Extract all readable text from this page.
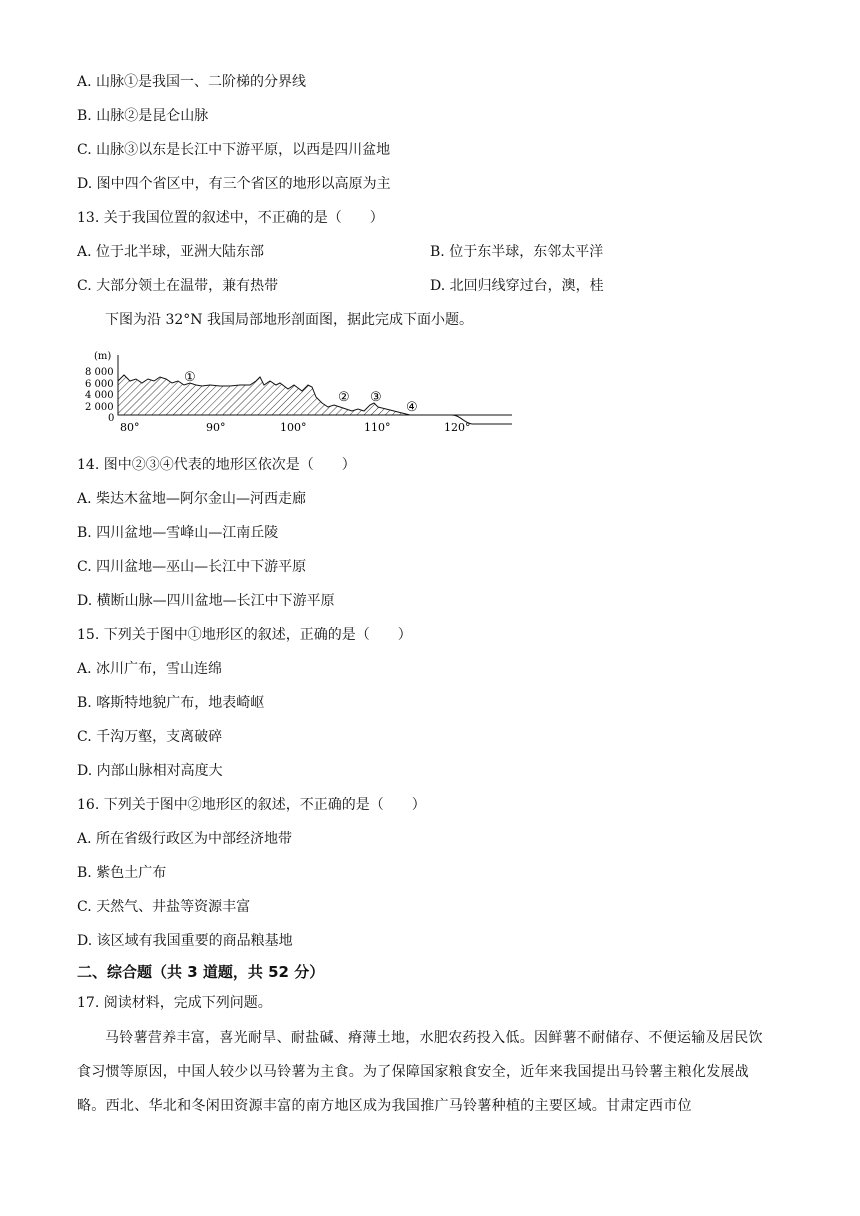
A. 山脉①是我国一、二阶梯的分界线
B. 山脉②是昆仑山脉
C. 山脉③以东是长江中下游平原，以西是四川盆地
D. 图中四个省区中，有三个省区的地形以高原为主
13. 关于我国位置的叙述中，不正确的是（　　）
A. 位于北半球，亚洲大陆东部	B. 位于东半球，东邻太平洋
C. 大部分领土在温带，兼有热带	D. 北回归线穿过台，澳，桂
下图为沿 32°N 我国局部地形剖面图，据此完成下面小题。
(m)
8 000
6 000
4 000
2 000
0
①
② ③
④
80°	90°	100°	110°	120°
14. 图中②③④代表的地形区依次是（　　）
A. 柴达木盆地—阿尔金山—河西走廊
B. 四川盆地—雪峰山—江南丘陵
C. 四川盆地—巫山—长江中下游平原
D. 横断山脉—四川盆地—长江中下游平原
15. 下列关于图中①地形区的叙述，正确的是（　　）
A. 冰川广布，雪山连绵
B. 喀斯特地貌广布，地表崎岖
C. 千沟万壑，支离破碎
D. 内部山脉相对高度大
16. 下列关于图中②地形区的叙述，不正确的是（　　）
A. 所在省级行政区为中部经济地带
B. 紫色土广布
C. 天然气、井盐等资源丰富
D. 该区域有我国重要的商品粮基地
二、综合题（共 3 道题，共 52 分）
17. 阅读材料，完成下列问题。
马铃薯营养丰富，喜光耐旱、耐盐碱、瘠薄土地，水肥农药投入低。因鲜薯不耐储存、不便运输及居民饮食习惯等原因，中国人较少以马铃薯为主食。为了保障国家粮食安全，近年来我国提出马铃薯主粮化发展战略。西北、华北和冬闲田资源丰富的南方地区成为我国推广马铃薯种植的主要区域。甘肃定西市位
